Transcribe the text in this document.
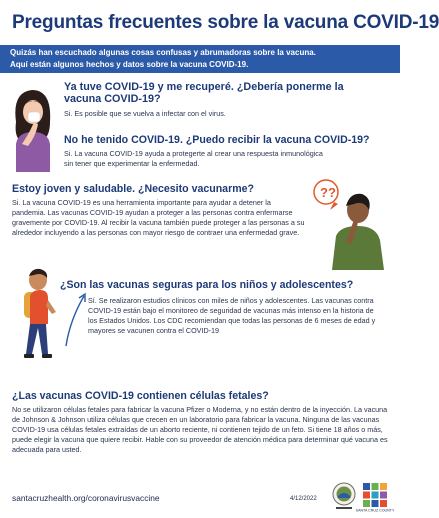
Preguntas frecuentes sobre la vacuna COVID-19
Quizás han escuchado algunas cosas confusas y abrumadoras sobre la vacuna.
Aquí están algunos hechos y datos sobre la vacuna COVID-19.
Ya tuve COVID-19 y me recuperé. ¿Debería ponerme la vacuna COVID-19?
Si. Es posible que se vuelva a infectar con el virus.
No he tenido COVID-19. ¿Puedo recibir la vacuna COVID-19?
Si. La vacuna COVID-19 ayuda a protegerte al crear una respuesta inmunológica sin tener que experimentar la enfermedad.
Estoy joven y saludable. ¿Necesito vacunarme?
Si. La vacuna COVID-19 es una herramienta importante para ayudar a detener la pandemia. Las vacunas COVID-19 ayudan a proteger a las personas contra enfermarse gravemente por COVID-19. Al recibir la vacuna también puede proteger a las personas a su alrededor incluyendo a las personas con mayor riesgo de contraer una enfermedad grave.
??
¿Son las vacunas seguras para los niños y adolescentes?
Sí. Se realizaron estudios clínicos con miles de niños y adolescentes. Las vacunas contra COVID-19 están bajo el monitoreo de seguridad de vacunas más intenso en la historia de los Estados Unidos. Los CDC recomiendan que todas las personas de 6 meses de edad y mayores se vacunen contra el COVID-19
¿Las vacunas COVID-19 contienen células fetales?
No se utilizaron células fetales para fabricar la vacuna Pfizer o Moderna, y no están dentro de la inyección. La vacuna de Johnson & Johnson utiliza células que crecen en un laboratorio para fabricar la vacuna. Ninguna de las vacunas COVID-19 usa células fetales extraídas de un aborto reciente, ni contienen tejido de un feto. Si tiene 18 años o más, puede elegir la vacuna que quiere recibir. Hable con su proveedor de atención médica para determinar qué vacuna es adecuada para usted.
santacruzhealth.org/coronavirusvaccine	4/12/2022
SANTA CRUZ COUNTY
